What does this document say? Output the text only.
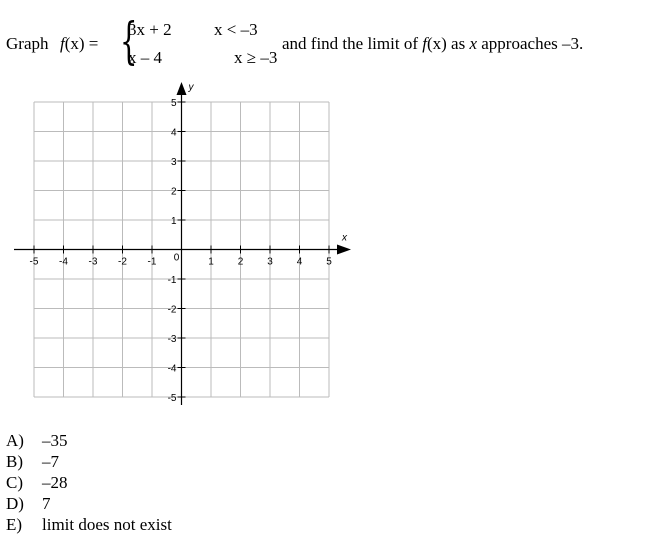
Graph f(x) = {
3x + 2 x < –3
x – 4	x ≥ –3
and find the limit of f(x) as x approaches –3.
-5 -4 -3 -2 -1 0	1 2 3 4 5
5
4
3
2
1
-1
-2
-3
-4
-5
x
y
A) –35
B) –7
C) –28
D) 7
E) limit does not exist
